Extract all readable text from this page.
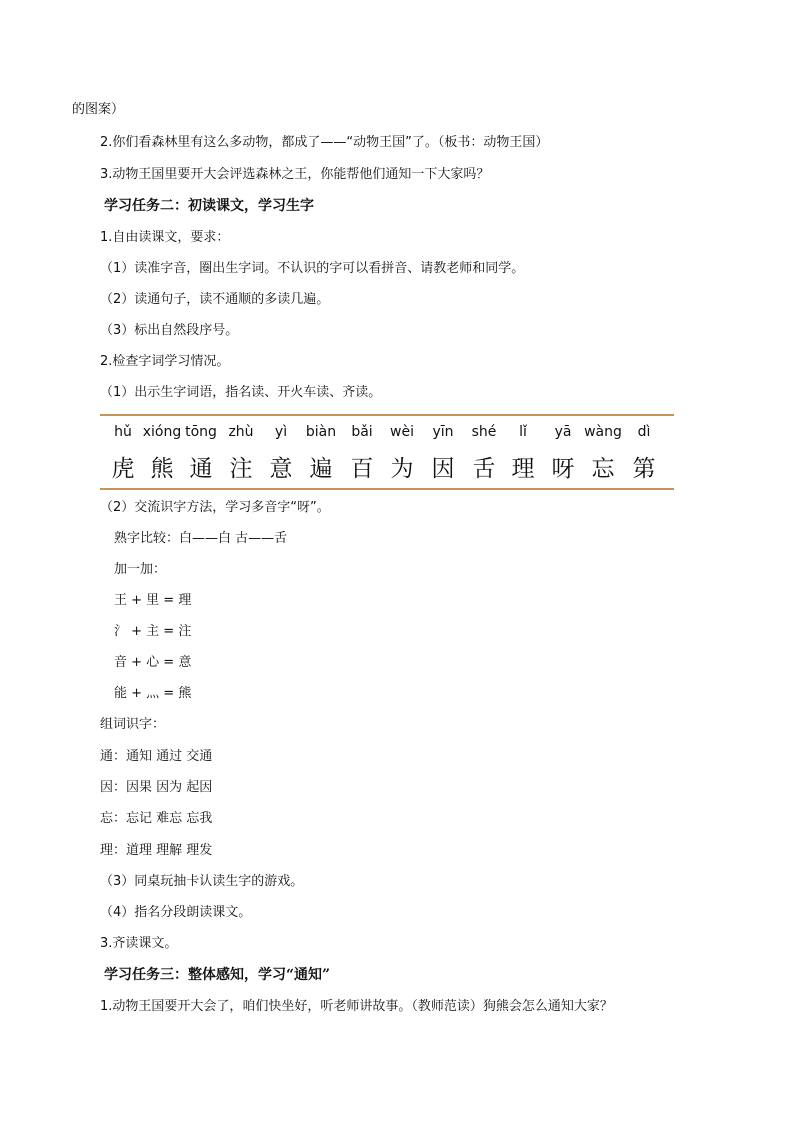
的图案）
2.你们看森林里有这么多动物，都成了——“动物王国”了。（板书：动物王国）
3.动物王国里要开大会评选森林之王，你能帮他们通知一下大家吗？
学习任务二：初读课文，学习生字
1.自由读课文，要求：
（1）读准字音，圈出生字词。不认识的字可以看拼音、请教老师和同学。
（2）读通句子，读不通顺的多读几遍。
（3）标出自然段序号。
2.检查字词学习情况。
（1）出示生字词语，指名读、开火车读、齐读。
hǔ
虎
xióng
熊
tōng
通
zhù
注
yì
意
biàn
遍
bǎi
百
wèi
为
yīn
因
shé
舌
lǐ
理
yā
呀
wàng
忘
dì
第
（2）交流识字方法，学习多音字“呀”。
熟字比较：白——白 古——舌
加一加：
王 + 里 = 理
氵 + 主 = 注
音 + 心 = 意
能 + 灬 = 熊
组词识字：
通：通知 通过 交通
因：因果 因为 起因
忘：忘记 难忘 忘我
理：道理 理解 理发
（3）同桌玩抽卡认读生字的游戏。
（4）指名分段朗读课文。
3.齐读课文。
学习任务三：整体感知，学习“通知”
1.动物王国要开大会了，咱们快坐好，听老师讲故事。（教师范读）狗熊会怎么通知大家？
